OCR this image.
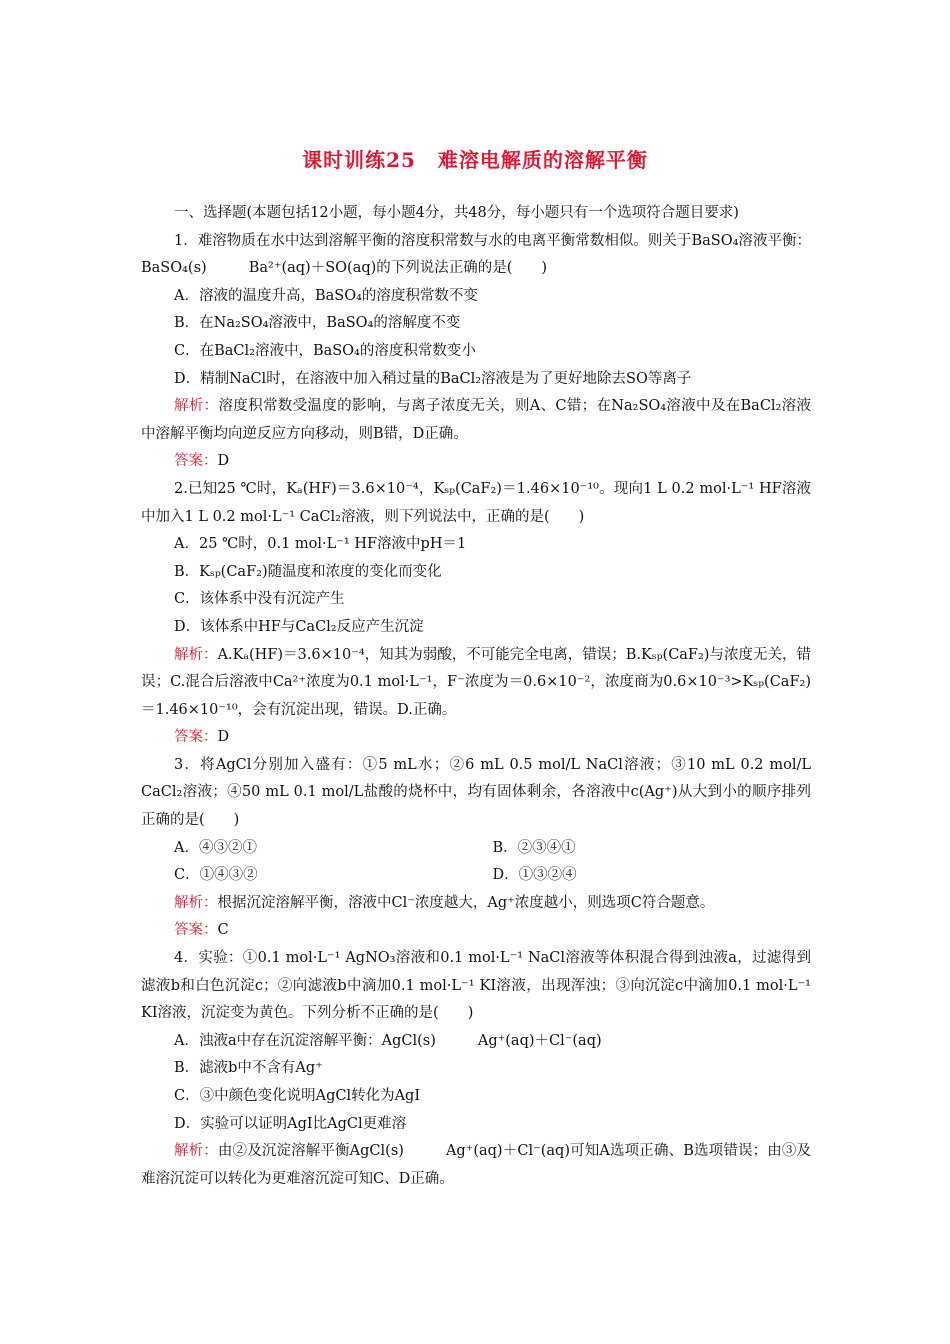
课时训练25 难溶电解质的溶解平衡

一、选择题(本题包括12小题，每小题4分，共48分，每小题只有一个选项符合题目要求)

1．难溶物质在水中达到溶解平衡的溶度积常数与水的电离平衡常数相似。则关于BaSO₄溶液平衡：BaSO₄(s)	Ba²⁺(aq)＋SO(aq)的下列说法正确的是(　　)

A．溶液的温度升高，BaSO₄的溶度积常数不变

B．在Na₂SO₄溶液中，BaSO₄的溶解度不变

C．在BaCl₂溶液中，BaSO₄的溶度积常数变小

D．精制NaCl时，在溶液中加入稍过量的BaCl₂溶液是为了更好地除去SO等离子

解析：溶度积常数受温度的影响，与离子浓度无关，则A、C错；在Na₂SO₄溶液中及在BaCl₂溶液中溶解平衡均向逆反应方向移动，则B错，D正确。

答案：D

2.已知25 ℃时，Kₐ(HF)＝3.6×10⁻⁴，Kₛₚ(CaF₂)＝1.46×10⁻¹⁰。现向1 L 0.2 mol·L⁻¹ HF溶液中加入1 L 0.2 mol·L⁻¹ CaCl₂溶液，则下列说法中，正确的是(　　)

A．25 ℃时，0.1 mol·L⁻¹ HF溶液中pH＝1

B．Kₛₚ(CaF₂)随温度和浓度的变化而变化

C．该体系中没有沉淀产生

D．该体系中HF与CaCl₂反应产生沉淀

解析：A.Kₐ(HF)＝3.6×10⁻⁴，知其为弱酸，不可能完全电离，错误；B.Kₛₚ(CaF₂)与浓度无关，错误；C.混合后溶液中Ca²⁺浓度为0.1 mol·L⁻¹，F⁻浓度为＝0.6×10⁻²，浓度商为0.6×10⁻³>Kₛₚ(CaF₂)＝1.46×10⁻¹⁰，会有沉淀出现，错误。D.正确。

答案：D

3．将AgCl分别加入盛有：①5 mL水；②6 mL 0.5 mol/L NaCl溶液；③10 mL 0.2 mol/L CaCl₂溶液；④50 mL 0.1 mol/L盐酸的烧杯中，均有固体剩余，各溶液中c(Ag⁺)从大到小的顺序排列正确的是(　　)

A．④③②①	B．②③④①
C．①④③②	D．①③②④

解析：根据沉淀溶解平衡，溶液中Cl⁻浓度越大，Ag⁺浓度越小，则选项C符合题意。

答案：C

4．实验：①0.1 mol·L⁻¹ AgNO₃溶液和0.1 mol·L⁻¹ NaCl溶液等体积混合得到浊液a，过滤得到滤液b和白色沉淀c；②向滤液b中滴加0.1 mol·L⁻¹ KI溶液，出现浑浊；③向沉淀c中滴加0.1 mol·L⁻¹ KI溶液，沉淀变为黄色。下列分析不正确的是(　　)

A．浊液a中存在沉淀溶解平衡：AgCl(s)	Ag⁺(aq)＋Cl⁻(aq)

B．滤液b中不含有Ag⁺

C．③中颜色变化说明AgCl转化为AgI

D．实验可以证明AgI比AgCl更难溶

解析：由②及沉淀溶解平衡AgCl(s)	Ag⁺(aq)＋Cl⁻(aq)可知A选项正确、B选项错误；由③及难溶沉淀可以转化为更难溶沉淀可知C、D正确。
